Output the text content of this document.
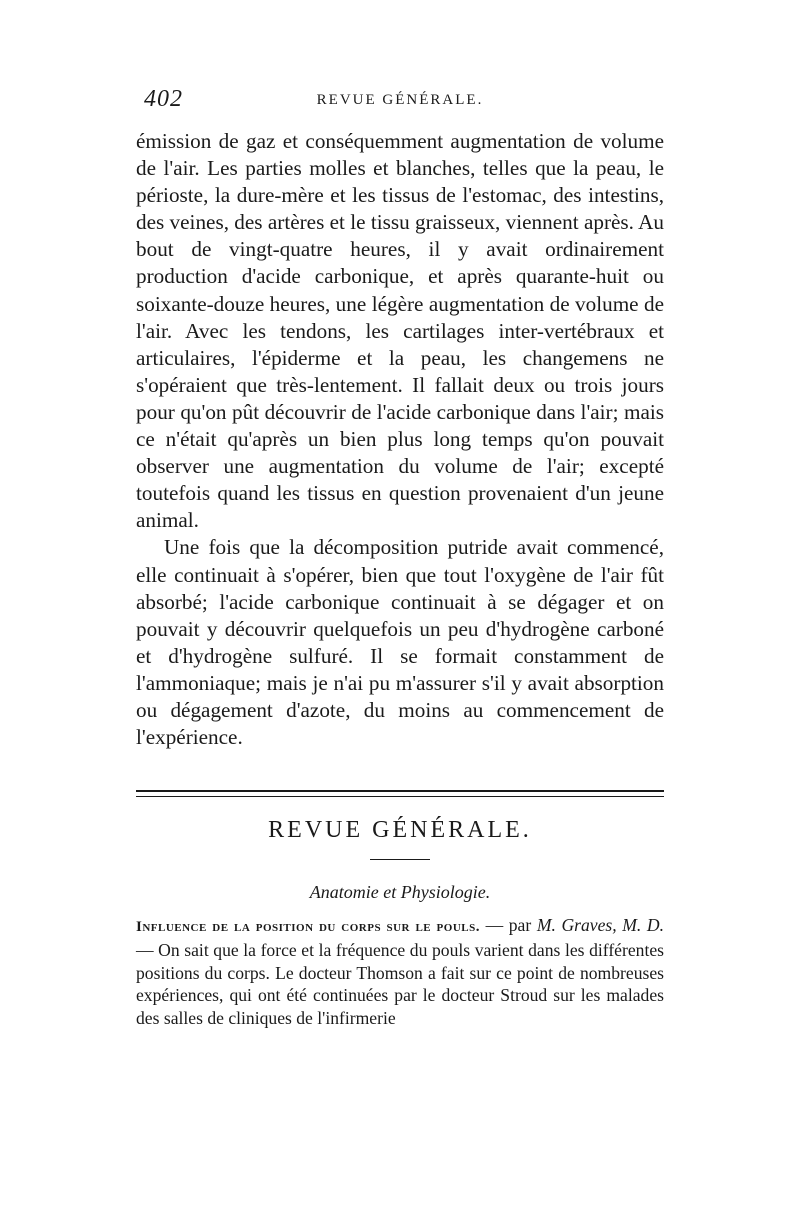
402	REVUE GÉNÉRALE.

émission de gaz et conséquemment augmentation de volume de l'air. Les parties molles et blanches, telles que la peau, le périoste, la dure-mère et les tissus de l'estomac, des intestins, des veines, des artères et le tissu graisseux, viennent après. Au bout de vingt-quatre heures, il y avait ordinairement production d'acide carbonique, et après quarante-huit ou soixante-douze heures, une légère augmentation de volume de l'air. Avec les tendons, les cartilages inter-vertébraux et articulaires, l'épiderme et la peau, les changemens ne s'opéraient que très-lentement. Il fallait deux ou trois jours pour qu'on pût découvrir de l'acide carbonique dans l'air; mais ce n'était qu'après un bien plus long temps qu'on pouvait observer une augmentation du volume de l'air; excepté toutefois quand les tissus en question provenaient d'un jeune animal.

Une fois que la décomposition putride avait commencé, elle continuait à s'opérer, bien que tout l'oxygène de l'air fût absorbé; l'acide carbonique continuait à se dégager et on pouvait y découvrir quelquefois un peu d'hydrogène carboné et d'hydrogène sulfuré. Il se formait constamment de l'ammoniaque; mais je n'ai pu m'assurer s'il y avait absorption ou dégagement d'azote, du moins au commencement de l'expérience.

REVUE GÉNÉRALE.
Anatomie et Physiologie.

Influence de la position du corps sur le pouls. — par M. Graves, M. D. — On sait que la force et la fréquence du pouls varient dans les différentes positions du corps. Le docteur Thomson a fait sur ce point de nombreuses expériences, qui ont été continuées par le docteur Stroud sur les malades des salles de cliniques de l'infirmerie
